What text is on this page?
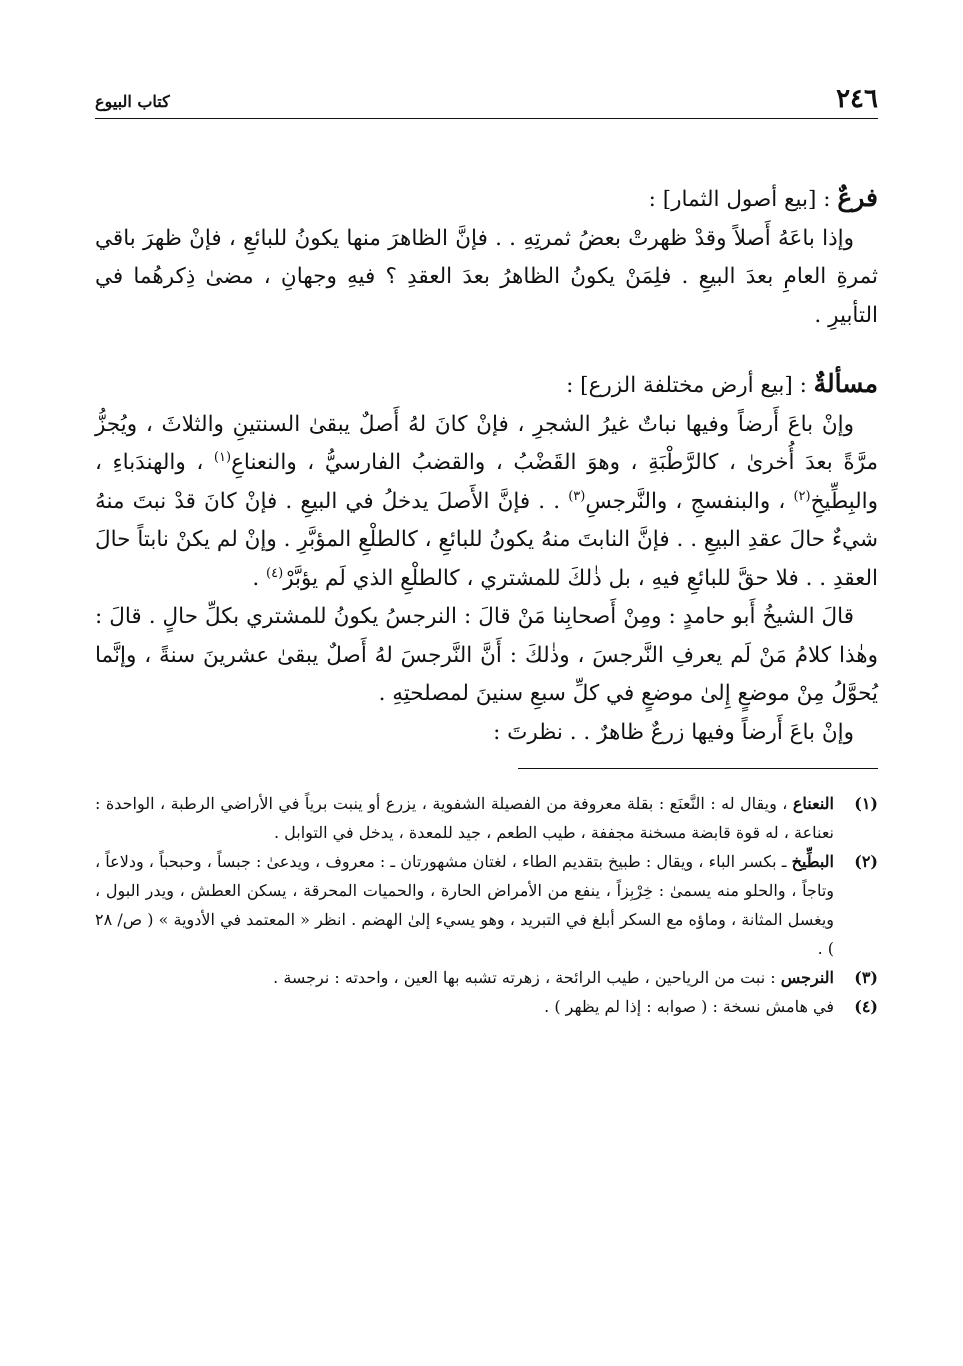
٢٤٦
كتاب البيوع

فرعٌ : [بيع أصول الثمار] :

وإذا باعَهُ أَصلاً وقدْ ظهرتْ بعضُ ثمرتِهِ . . فإنَّ الظاهرَ منها يكونُ للبائعِ ، فإنْ ظهرَ باقي ثمرةِ العامِ بعدَ البيعِ . فلِمَنْ يكونُ الظاهرُ بعدَ العقدِ ؟ فيهِ وجهانِ ، مضىٰ ذِكرهُما في التأبيرِ .

مسألةٌ : [بيع أرض مختلفة الزرع] :

وإنْ باعَ أَرضاً وفيها نباتٌ غيرُ الشجرِ ، فإنْ كانَ لهُ أَصلٌ يبقىٰ السنتينِ والثلاثَ ، ويُجزُّ مرَّةً بعدَ أُخرىٰ ، كالرَّطْبَةِ ، وهوَ القَضْبُ ، والقضبُ الفارسيُّ ، والنعناعِ$^{(١)}$ ، والهندَباءِ ، والبِطِّيخِ$^{(٢)}$ ، والبنفسجِ ، والنَّرجسِ$^{(٣)}$ . . فإنَّ الأَصلَ يدخلُ في البيعِ . فإنْ كانَ قدْ نبتَ منهُ شيءٌ حالَ عقدِ البيعِ . . فإنَّ النابتَ منهُ يكونُ للبائعِ ، كالطلْعِ المؤبَّرِ . وإنْ لم يكنْ نابتاً حالَ العقدِ . . فلا حقَّ للبائعِ فيهِ ، بل ذٰلكَ للمشتري ، كالطلْعِ الذي لَم يؤبَّرْ$^{(٤)}$ .

قالَ الشيخُ أَبو حامدٍ : ومِنْ أَصحابِنا مَنْ قالَ : النرجسُ يكونُ للمشتري بكلِّ حالٍ . قالَ : وهٰذا كلامُ مَنْ لَم يعرفِ النَّرجسَ ، وذٰلكَ : أَنَّ النَّرجسَ لهُ أَصلٌ يبقىٰ عشرينَ سنةً ، وإنَّما يُحوَّلُ مِنْ موضعٍ إِلىٰ موضعٍ في كلِّ سبعِ سنينَ لمصلحتِهِ .

وإنْ باعَ أَرضاً وفيها زرعٌ ظاهرٌ . . نظرتَ :

(١)
النعناع ، ويقال له : النَّعنَع : بقلة معروفة من الفصيلة الشفوية ، يزرع أو ينبت برياً في الأراضي الرطبة ، الواحدة : نعناعة ، له قوة قابضة مسخنة مجففة ، طيب الطعم ، جيد للمعدة ، يدخل في التوابل .
(٢)
البطِّيخ ـ بكسر الباء ، ويقال : طبيخ بتقديم الطاء ، لغتان مشهورتان ـ : معروف ، ويدعىٰ : جبساً ، وحبحباً ، ودلاعاً ، وتاجاً ، والحلو منه يسمىٰ : خِرْبِزاً ، ينفع من الأمراض الحارة ، والحميات المحرقة ، يسكن العطش ، ويدر البول ، ويغسل المثانة ، وماؤه مع السكر أبلغ في التبريد ، وهو يسيء إلىٰ الهضم . انظر « المعتمد في الأدوية » ( ص/ ٢٨ ) .
(٣)
النرجس : نبت من الرياحين ، طيب الرائحة ، زهرته تشبه بها العين ، واحدته : نرجسة .
(٤)
في هامش نسخة : ( صوابه : إذا لم يظهر ) .
